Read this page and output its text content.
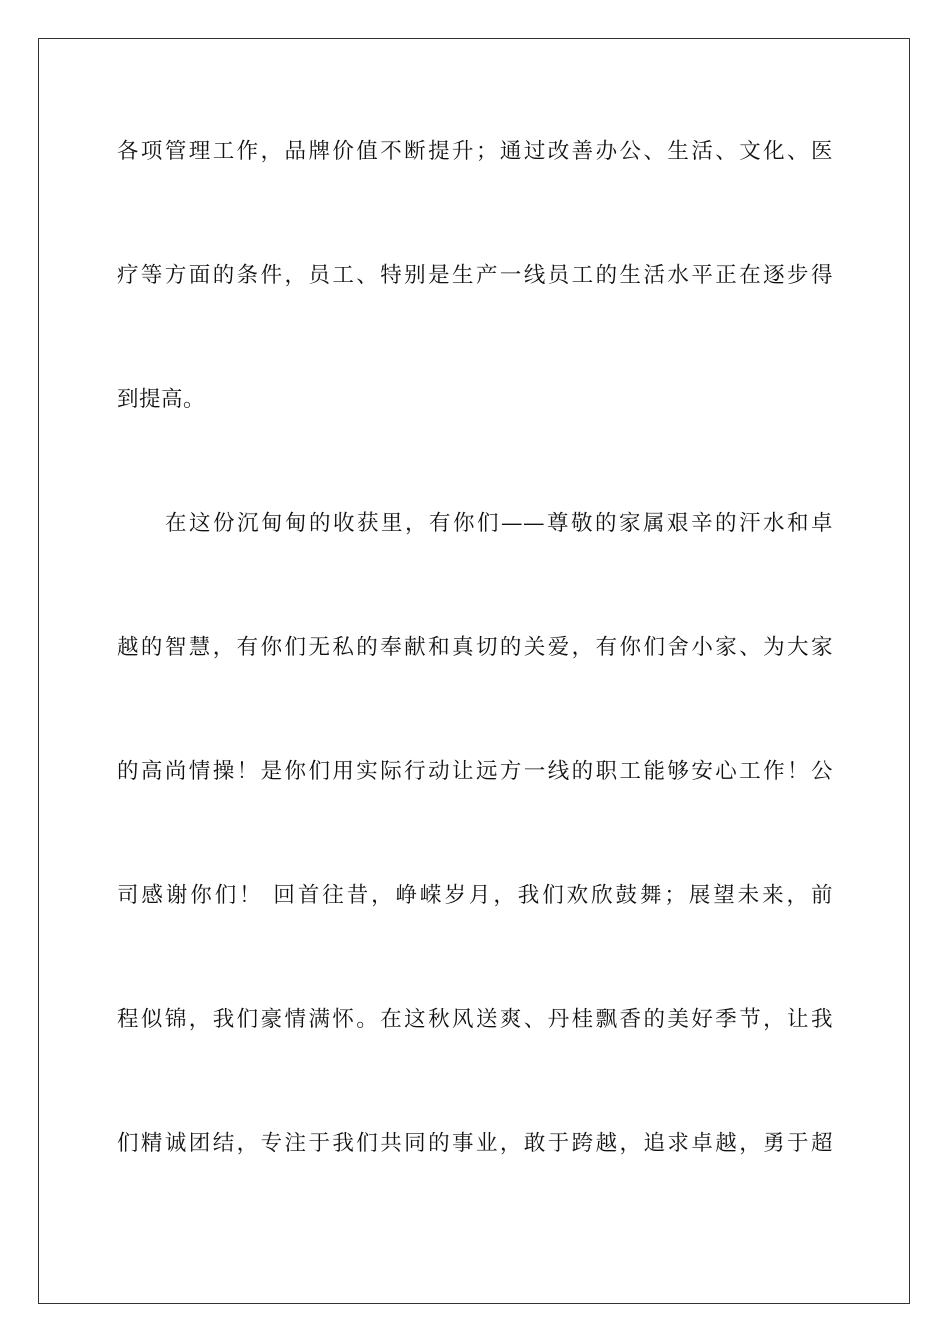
各项管理工作，品牌价值不断提升；通过改善办公、生活、文化、医
疗等方面的条件，员工、特别是生产一线员工的生活水平正在逐步得
到提高。
在这份沉甸甸的收获里，有你们——尊敬的家属艰辛的汗水和卓
越的智慧，有你们无私的奉献和真切的关爱，有你们舍小家、为大家
的高尚情操！是你们用实际行动让远方一线的职工能够安心工作！公
司感谢你们！ 回首往昔，峥嵘岁月，我们欢欣鼓舞；展望未来，前
程似锦，我们豪情满怀。在这秋风送爽、丹桂飘香的美好季节，让我
们精诚团结，专注于我们共同的事业，敢于跨越，追求卓越，勇于超
